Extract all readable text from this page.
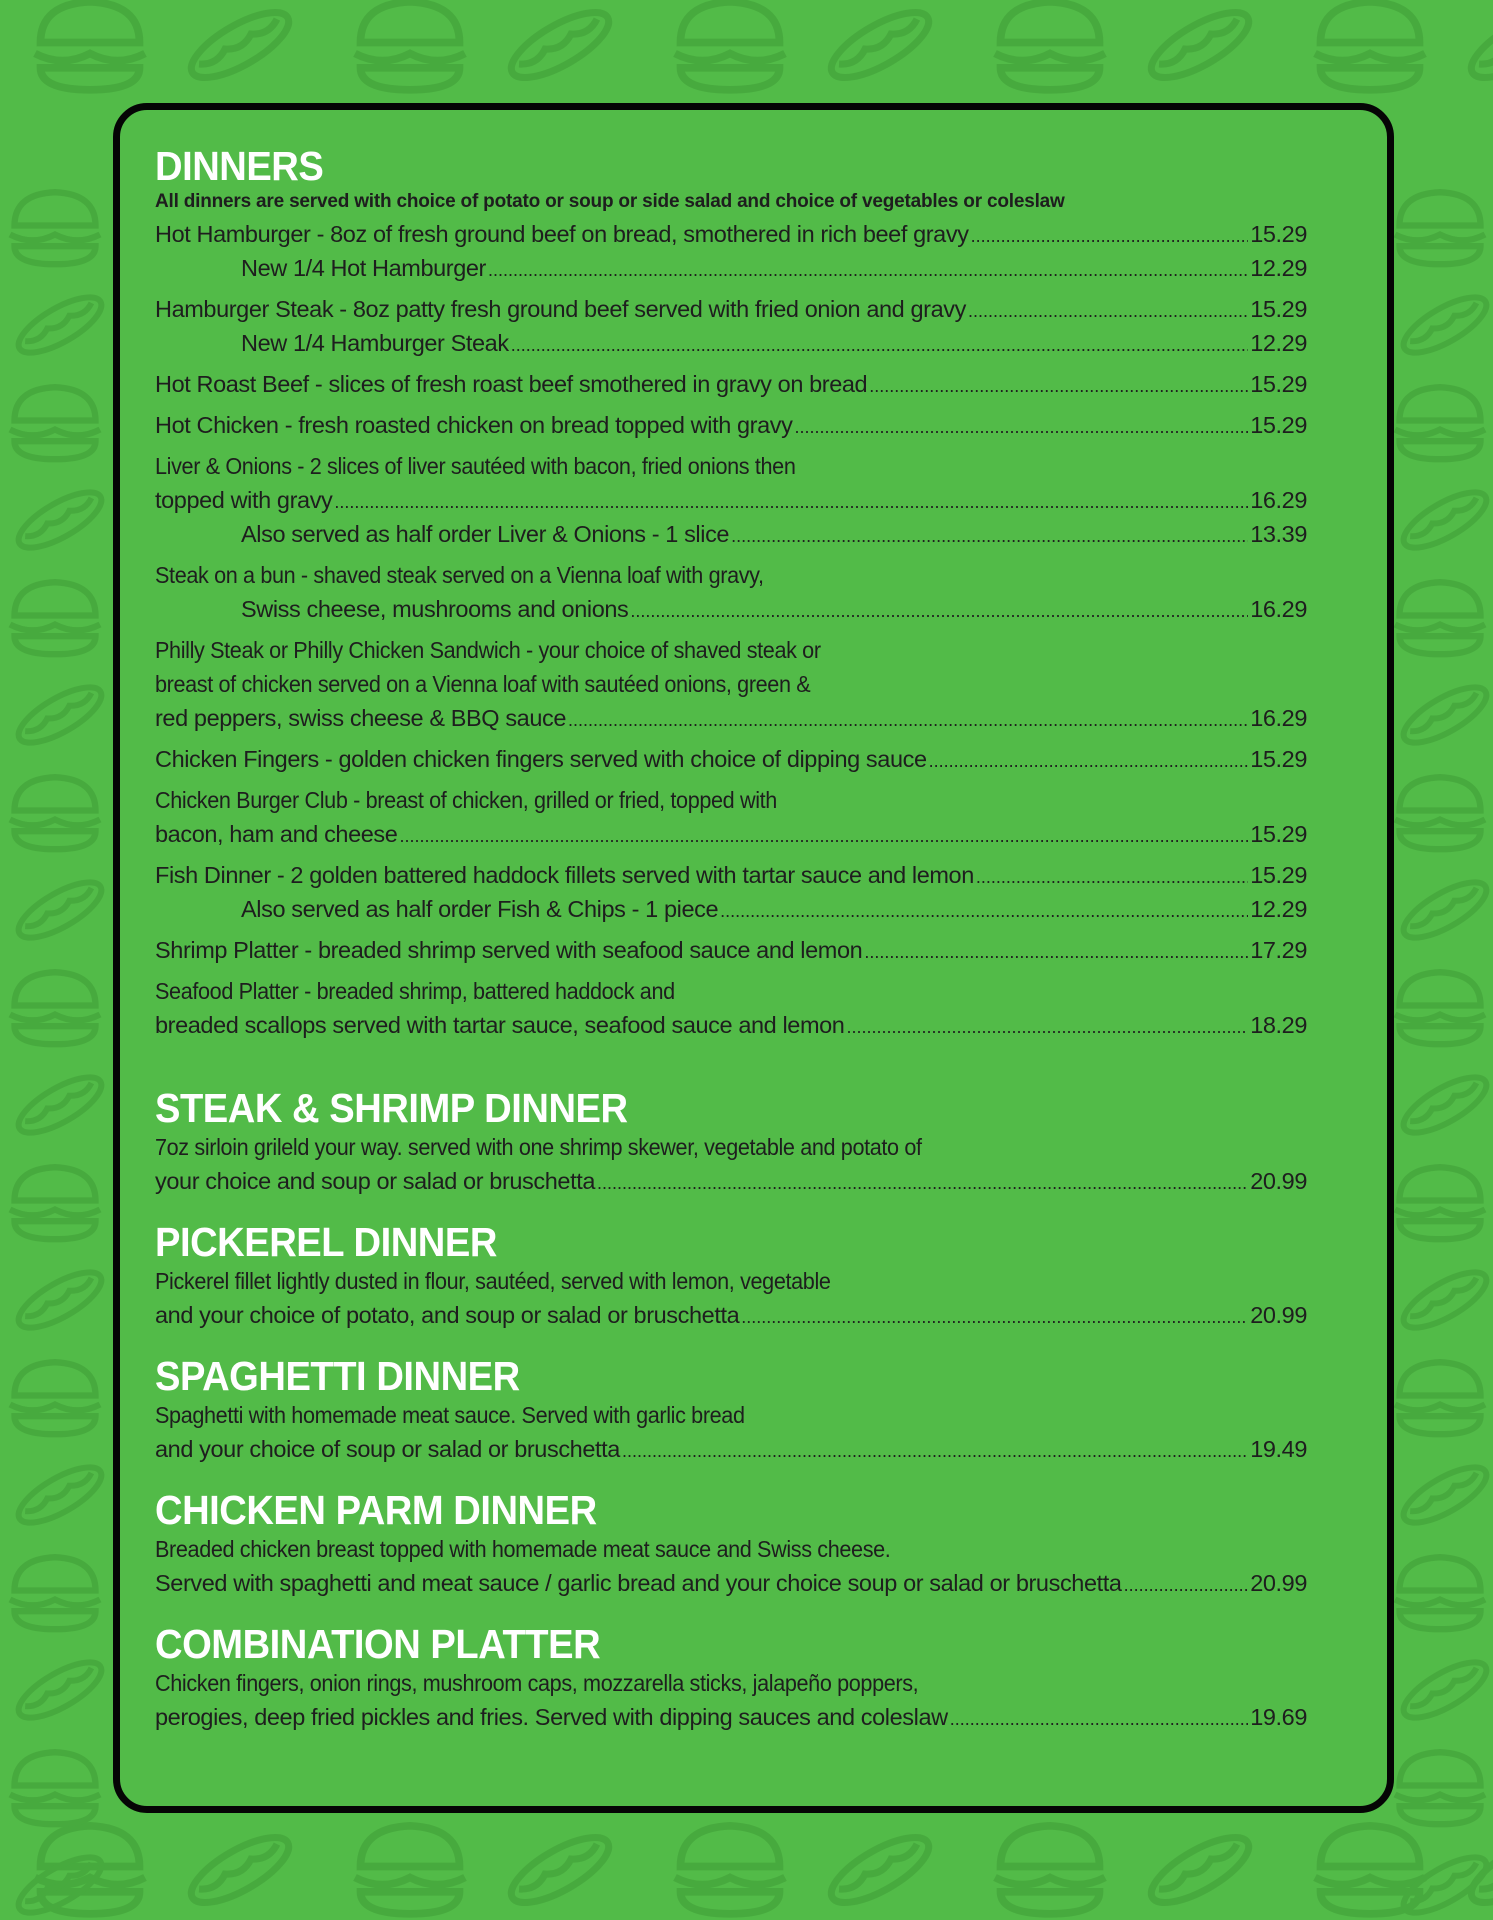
DINNERS
All dinners are served with choice of potato or soup or side salad and choice of vegetables or coleslaw
Hot Hamburger - 8oz of fresh ground beef on bread, smothered in rich beef gravy .....	15.29
New 1/4 Hot Hamburger .....	12.29
Hamburger Steak - 8oz patty fresh ground beef served with fried onion and gravy .....	15.29
New 1/4 Hamburger Steak .....	12.29
Hot Roast Beef - slices of fresh roast beef smothered in gravy on bread .....	15.29
Hot Chicken - fresh roasted chicken on bread topped with gravy .....	15.29
Liver & Onions - 2 slices of liver sautéed with bacon, fried onions then
topped with gravy .....	16.29
Also served as half order Liver & Onions - 1 slice .....	13.39
Steak on a bun - shaved steak served on a Vienna loaf with gravy,
Swiss cheese, mushrooms and onions .....	16.29
Philly Steak or Philly Chicken Sandwich - your choice of shaved steak or
breast of chicken served on a Vienna loaf with sautéed onions, green &
red peppers, swiss cheese & BBQ sauce .....	16.29
Chicken Fingers - golden chicken fingers served with choice of dipping sauce .....	15.29
Chicken Burger Club - breast of chicken, grilled or fried, topped with
bacon, ham and cheese .....	15.29
Fish Dinner - 2 golden battered haddock fillets served with tartar sauce and lemon .....	15.29
Also served as half order Fish & Chips - 1 piece .....	12.29
Shrimp Platter - breaded shrimp served with seafood sauce and lemon .....	17.29
Seafood Platter - breaded shrimp, battered haddock and
breaded scallops served with tartar sauce, seafood sauce and lemon .....	18.29
STEAK & SHRIMP DINNER
7oz sirloin grileld your way. served with one shrimp skewer, vegetable and potato of
your choice and soup or salad or bruschetta .....	20.99
PICKEREL DINNER
Pickerel fillet lightly dusted in flour, sautéed, served with lemon, vegetable
and your choice of potato, and soup or salad or bruschetta .....	20.99
SPAGHETTI DINNER
Spaghetti with homemade meat sauce. Served with garlic bread
and your choice of soup or salad or bruschetta .....	19.49
CHICKEN PARM DINNER
Breaded chicken breast topped with homemade meat sauce and Swiss cheese.
Served with spaghetti and meat sauce / garlic bread and your choice soup or salad or bruschetta .....	20.99
COMBINATION PLATTER
Chicken fingers, onion rings, mushroom caps, mozzarella sticks, jalapeño poppers,
perogies, deep fried pickles and fries. Served with dipping sauces and coleslaw .....	19.69
